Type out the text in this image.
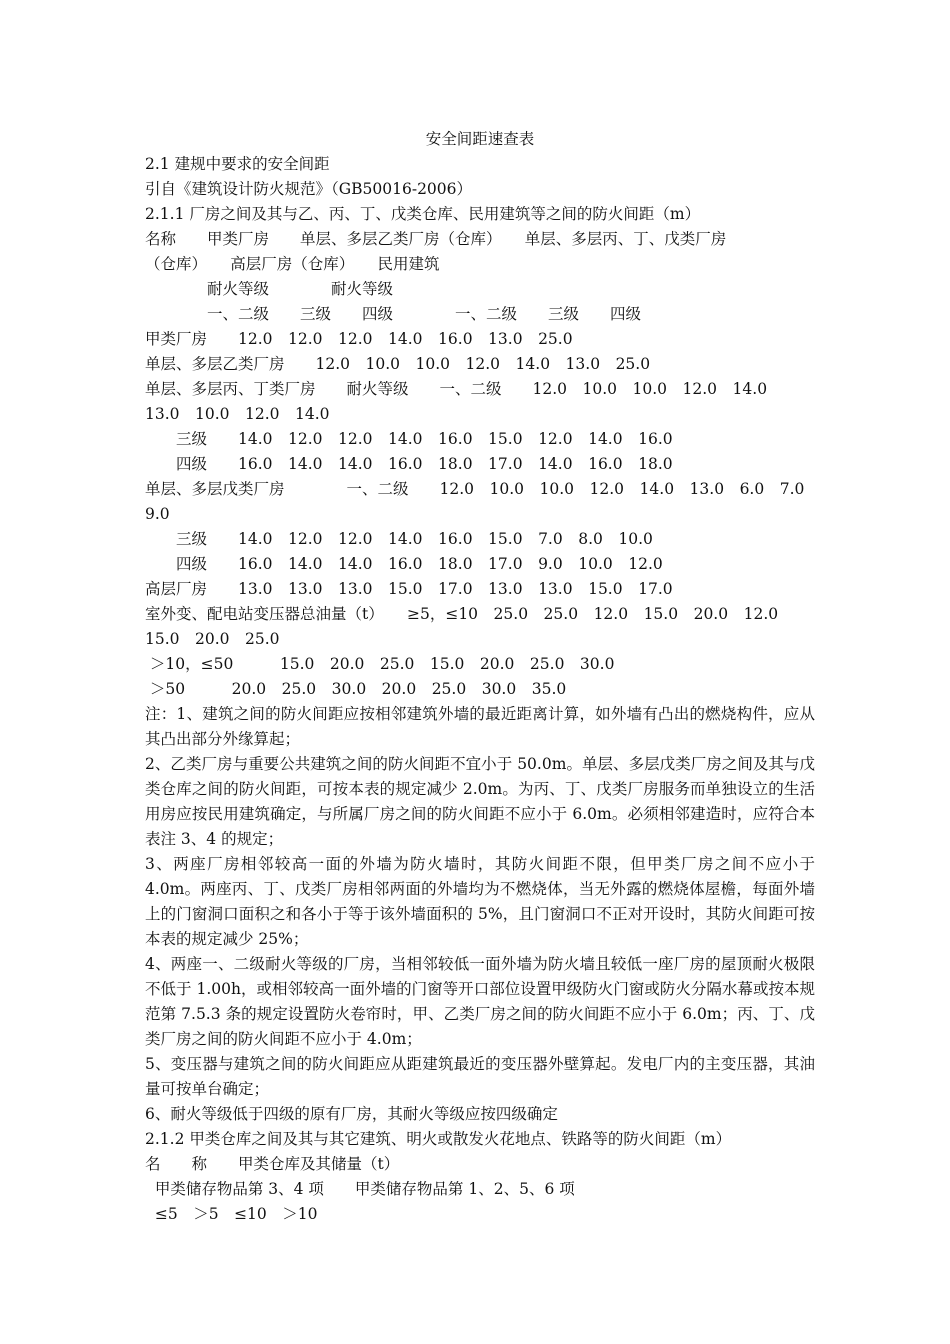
安全间距速查表
2.1 建规中要求的安全间距
引自《建筑设计防火规范》（GB50016-2006）
2.1.1 厂房之间及其与乙、丙、丁、戊类仓库、民用建筑等之间的防火间距（m）
名称　　甲类厂房　　单层、多层乙类厂房（仓库）　　单层、多层丙、丁、戊类厂房
（仓库）　　高层厂房（仓库）　　民用建筑
　　　　耐火等级　　　　耐火等级
　　　　一、二级　　三级　　四级　　　　一、二级　　三级　　四级
甲类厂房　　12.0　12.0　12.0　14.0　16.0　13.0　25.0
单层、多层乙类厂房　　12.0　10.0　10.0　12.0　14.0　13.0　25.0
单层、多层丙、丁类厂房　　耐火等级　　一、二级　　12.0　10.0　10.0　12.0　14.0
13.0　10.0　12.0　14.0
　　三级　　14.0　12.0　12.0　14.0　16.0　15.0　12.0　14.0　16.0
　　四级　　16.0　14.0　14.0　16.0　18.0　17.0　14.0　16.0　18.0
单层、多层戊类厂房　　　　一、二级　　12.0　10.0　10.0　12.0　14.0　13.0　6.0　7.0
9.0
　　三级　　14.0　12.0　12.0　14.0　16.0　15.0　7.0　8.0　10.0
　　四级　　16.0　14.0　14.0　16.0　18.0　17.0　9.0　10.0　12.0
高层厂房　　13.0　13.0　13.0　15.0　17.0　13.0　13.0　15.0　17.0
室外变、配电站变压器总油量（t）　　≥5，≤10　25.0　25.0　12.0　15.0　20.0　12.0
15.0　20.0　25.0
＞10，≤50　　　15.0　20.0　25.0　15.0　20.0　25.0　30.0
＞50　　　20.0　25.0　30.0　20.0　25.0　30.0　35.0
注：1、建筑之间的防火间距应按相邻建筑外墙的最近距离计算，如外墙有凸出的燃烧构件，应从其凸出部分外缘算起；
2、乙类厂房与重要公共建筑之间的防火间距不宜小于 50.0m。单层、多层戊类厂房之间及其与戊类仓库之间的防火间距，可按本表的规定减少 2.0m。为丙、丁、戊类厂房服务而单独设立的生活用房应按民用建筑确定，与所属厂房之间的防火间距不应小于 6.0m。必须相邻建造时，应符合本表注 3、4 的规定；
3、两座厂房相邻较高一面的外墙为防火墙时，其防火间距不限，但甲类厂房之间不应小于 4.0m。两座丙、丁、戊类厂房相邻两面的外墙均为不燃烧体，当无外露的燃烧体屋檐，每面外墙上的门窗洞口面积之和各小于等于该外墙面积的 5%，且门窗洞口不正对开设时，其防火间距可按本表的规定减少 25%；
4、两座一、二级耐火等级的厂房，当相邻较低一面外墙为防火墙且较低一座厂房的屋顶耐火极限不低于 1.00h，或相邻较高一面外墙的门窗等开口部位设置甲级防火门窗或防火分隔水幕或按本规范第 7.5.3 条的规定设置防火卷帘时，甲、乙类厂房之间的防火间距不应小于 6.0m；丙、丁、戊类厂房之间的防火间距不应小于 4.0m；
5、变压器与建筑之间的防火间距应从距建筑最近的变压器外壁算起。发电厂内的主变压器，其油量可按单台确定；
6、耐火等级低于四级的原有厂房，其耐火等级应按四级确定
2.1.2 甲类仓库之间及其与其它建筑、明火或散发火花地点、铁路等的防火间距（m）
名　　称　　甲类仓库及其储量（t）
甲类储存物品第 3、4 项　　甲类储存物品第 1、2、5、6 项
≤5　＞5　≤10　＞10
